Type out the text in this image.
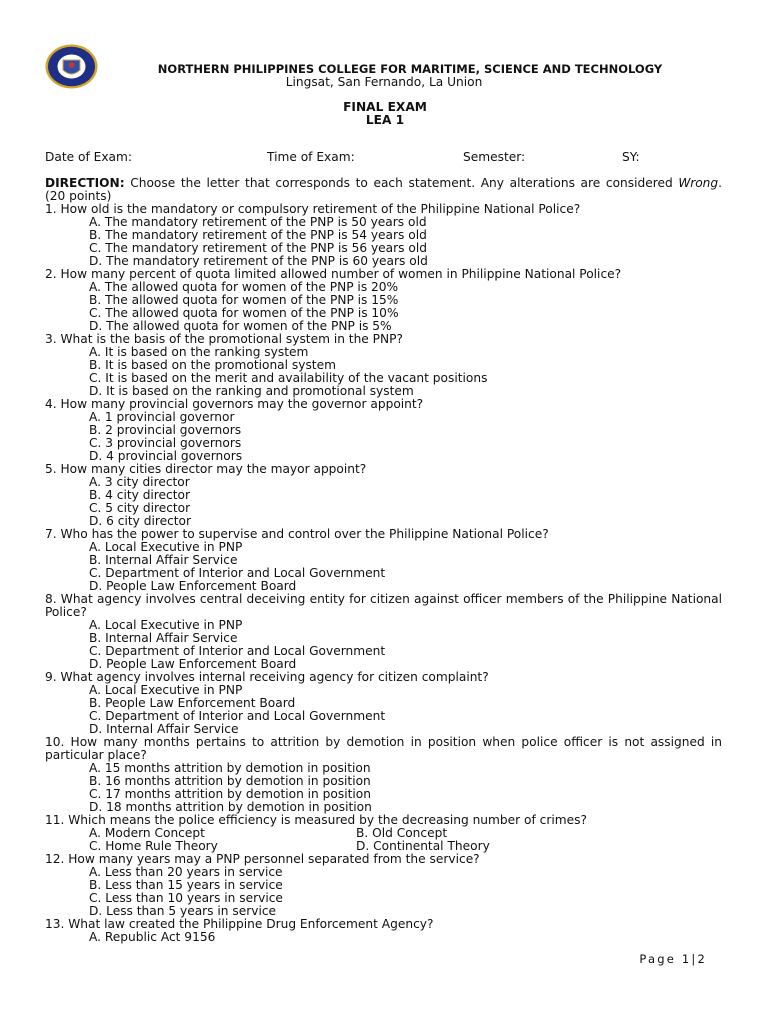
NORTHERN PHILIPPINES COLLEGE FOR MARITIME, SCIENCE AND TECHNOLOGY
Lingsat, San Fernando, La Union
FINAL EXAM
LEA 1
Date of Exam:	Time of Exam:	Semester:	SY:
DIRECTION: Choose the letter that corresponds to each statement. Any alterations are considered Wrong. (20 points)
1. How old is the mandatory or compulsory retirement of the Philippine National Police?
A. The mandatory retirement of the PNP is 50 years old
B. The mandatory retirement of the PNP is 54 years old
C. The mandatory retirement of the PNP is 56 years old
D. The mandatory retirement of the PNP is 60 years old
2. How many percent of quota limited allowed number of women in Philippine National Police?
A. The allowed quota for women of the PNP is 20%
B. The allowed quota for women of the PNP is 15%
C. The allowed quota for women of the PNP is 10%
D. The allowed quota for women of the PNP is 5%
3. What is the basis of the promotional system in the PNP?
A. It is based on the ranking system
B. It is based on the promotional system
C. It is based on the merit and availability of the vacant positions
D. It is based on the ranking and promotional system
4. How many provincial governors may the governor appoint?
A. 1 provincial governor
B. 2 provincial governors
C. 3 provincial governors
D. 4 provincial governors
5. How many cities director may the mayor appoint?
A. 3 city director
B. 4 city director
C. 5 city director
D. 6 city director
7. Who has the power to supervise and control over the Philippine National Police?
A. Local Executive in PNP
B. Internal Affair Service
C. Department of Interior and Local Government
D. People Law Enforcement Board
8. What agency involves central deceiving entity for citizen against officer members of the Philippine National Police?
A. Local Executive in PNP
B. Internal Affair Service
C. Department of Interior and Local Government
D. People Law Enforcement Board
9. What agency involves internal receiving agency for citizen complaint?
A. Local Executive in PNP
B. People Law Enforcement Board
C. Department of Interior and Local Government
D. Internal Affair Service
10. How many months pertains to attrition by demotion in position when police officer is not assigned in particular place?
A. 15 months attrition by demotion in position
B. 16 months attrition by demotion in position
C. 17 months attrition by demotion in position
D. 18 months attrition by demotion in position
11. Which means the police efficiency is measured by the decreasing number of crimes?
A. Modern Concept	B. Old Concept
C. Home Rule Theory	D. Continental Theory
12. How many years may a PNP personnel separated from the service?
A. Less than 20 years in service
B. Less than 15 years in service
C. Less than 10 years in service
D. Less than 5 years in service
13. What law created the Philippine Drug Enforcement Agency?
A. Republic Act 9156
Page 1|2
